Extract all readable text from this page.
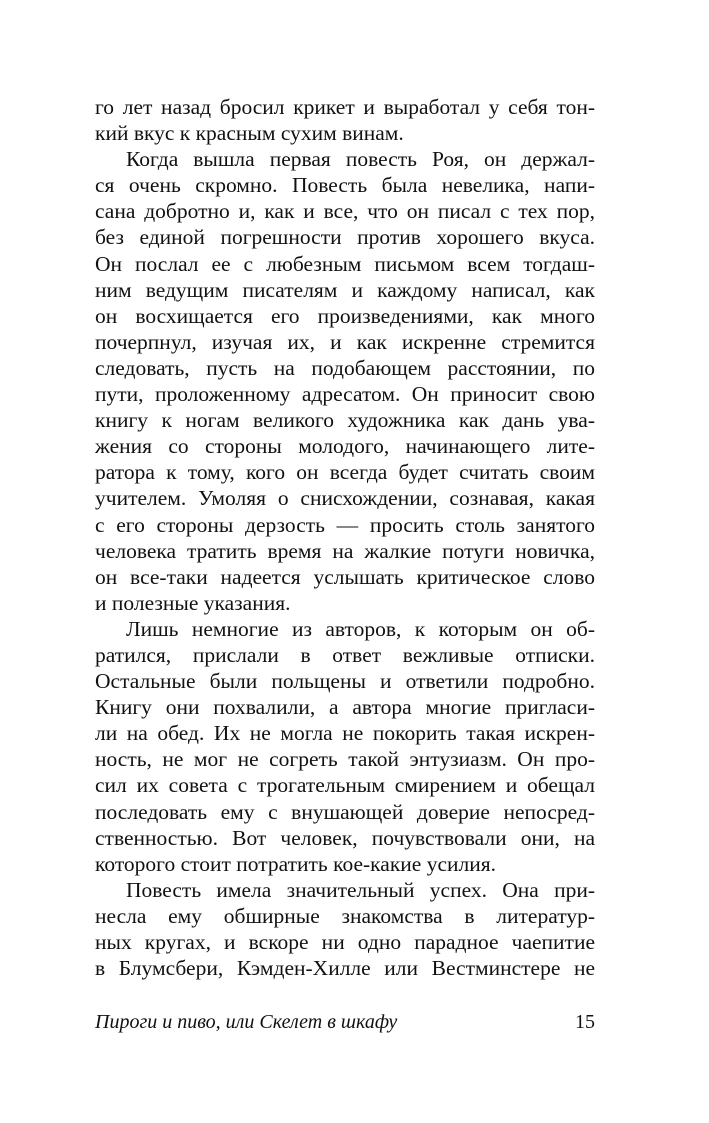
го лет назад бросил крикет и выработал у себя тон-
кий вкус к красным сухим винам.
Когда вышла первая повесть Роя, он держал-
ся очень скромно. Повесть была невелика, напи-
сана добротно и, как и все, что он писал с тех пор,
без единой погрешности против хорошего вкуса.
Он послал ее с любезным письмом всем тогдаш-
ним ведущим писателям и каждому написал, как
он восхищается его произведениями, как много
почерпнул, изучая их, и как искренне стремится
следовать, пусть на подобающем расстоянии, по
пути, проложенному адресатом. Он приносит свою
книгу к ногам великого художника как дань ува-
жения со стороны молодого, начинающего лите-
ратора к тому, кого он всегда будет считать своим
учителем. Умоляя о снисхождении, сознавая, какая
с его стороны дерзость — просить столь занятого
человека тратить время на жалкие потуги новичка,
он все-таки надеется услышать критическое слово
и полезные указания.
Лишь немногие из авторов, к которым он об-
ратился, прислали в ответ вежливые отписки.
Остальные были польщены и ответили подробно.
Книгу они похвалили, а автора многие пригласи-
ли на обед. Их не могла не покорить такая искрен-
ность, не мог не согреть такой энтузиазм. Он про-
сил их совета с трогательным смирением и обещал
последовать ему с внушающей доверие непосред-
ственностью. Вот человек, почувствовали они, на
которого стоит потратить кое-какие усилия.
Повесть имела значительный успех. Она при-
несла ему обширные знакомства в литератур-
ных кругах, и вскоре ни одно парадное чаепитие
в Блумсбери, Кэмден-Хилле или Вестминстере не
Пироги и пиво, или Скелет в шкафу	15
